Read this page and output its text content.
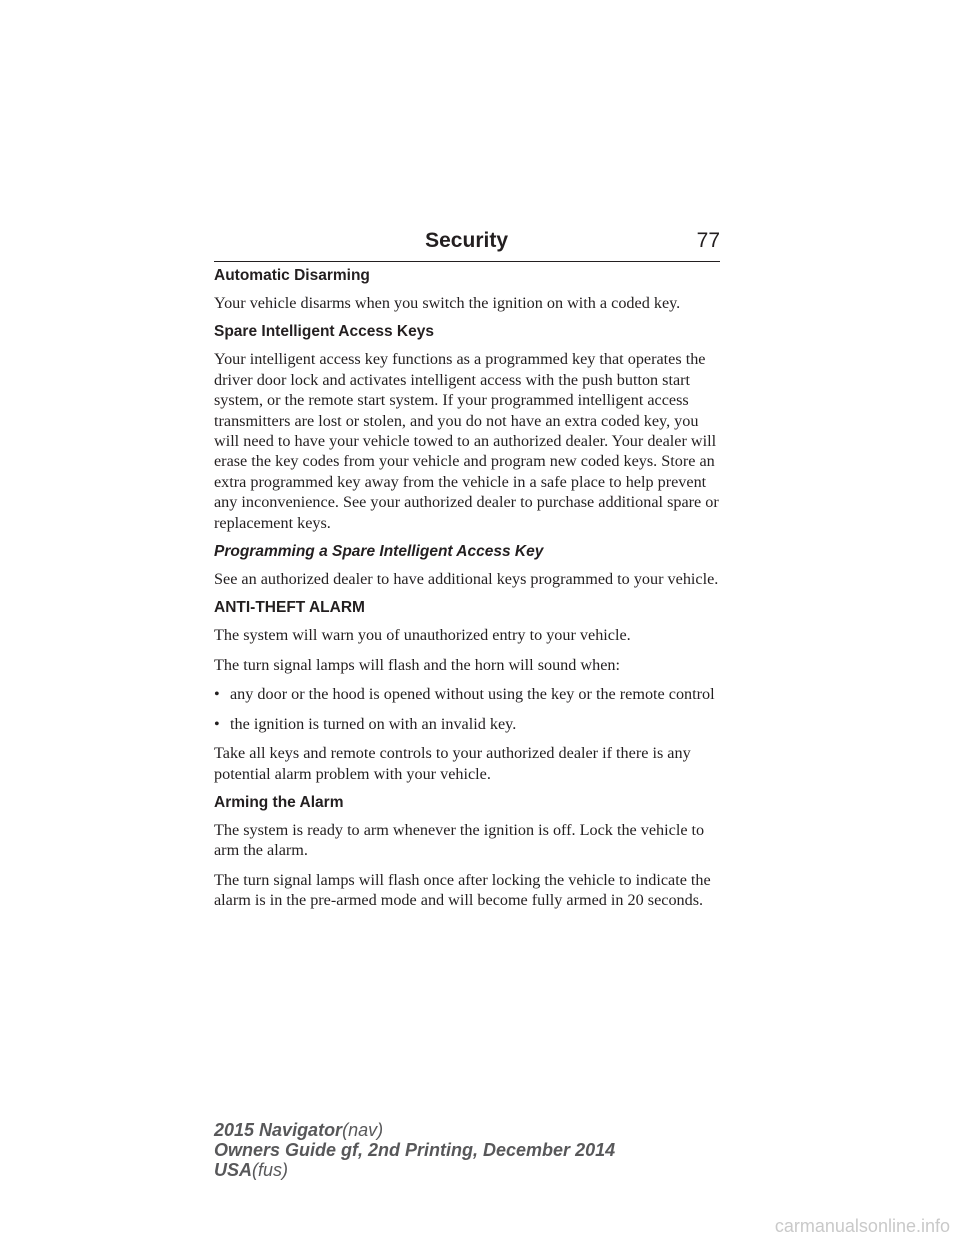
Security	77
Automatic Disarming

Your vehicle disarms when you switch the ignition on with a coded key.

Spare Intelligent Access Keys

Your intelligent access key functions as a programmed key that operates the driver door lock and activates intelligent access with the push button start system, or the remote start system. If your programmed intelligent access transmitters are lost or stolen, and you do not have an extra coded key, you will need to have your vehicle towed to an authorized dealer. Your dealer will erase the key codes from your vehicle and program new coded keys. Store an extra programmed key away from the vehicle in a safe place to help prevent any inconvenience. See your authorized dealer to purchase additional spare or replacement keys.

Programming a Spare Intelligent Access Key

See an authorized dealer to have additional keys programmed to your vehicle.

ANTI-THEFT ALARM

The system will warn you of unauthorized entry to your vehicle.

The turn signal lamps will flash and the horn will sound when:

• any door or the hood is opened without using the key or the remote control
• the ignition is turned on with an invalid key.

Take all keys and remote controls to your authorized dealer if there is any potential alarm problem with your vehicle.

Arming the Alarm

The system is ready to arm whenever the ignition is off. Lock the vehicle to arm the alarm.

The turn signal lamps will flash once after locking the vehicle to indicate the alarm is in the pre-armed mode and will become fully armed in 20 seconds.

2015 Navigator(nav)
Owners Guide gf, 2nd Printing, December 2014
USA(fus)
carmanualsonline.info
